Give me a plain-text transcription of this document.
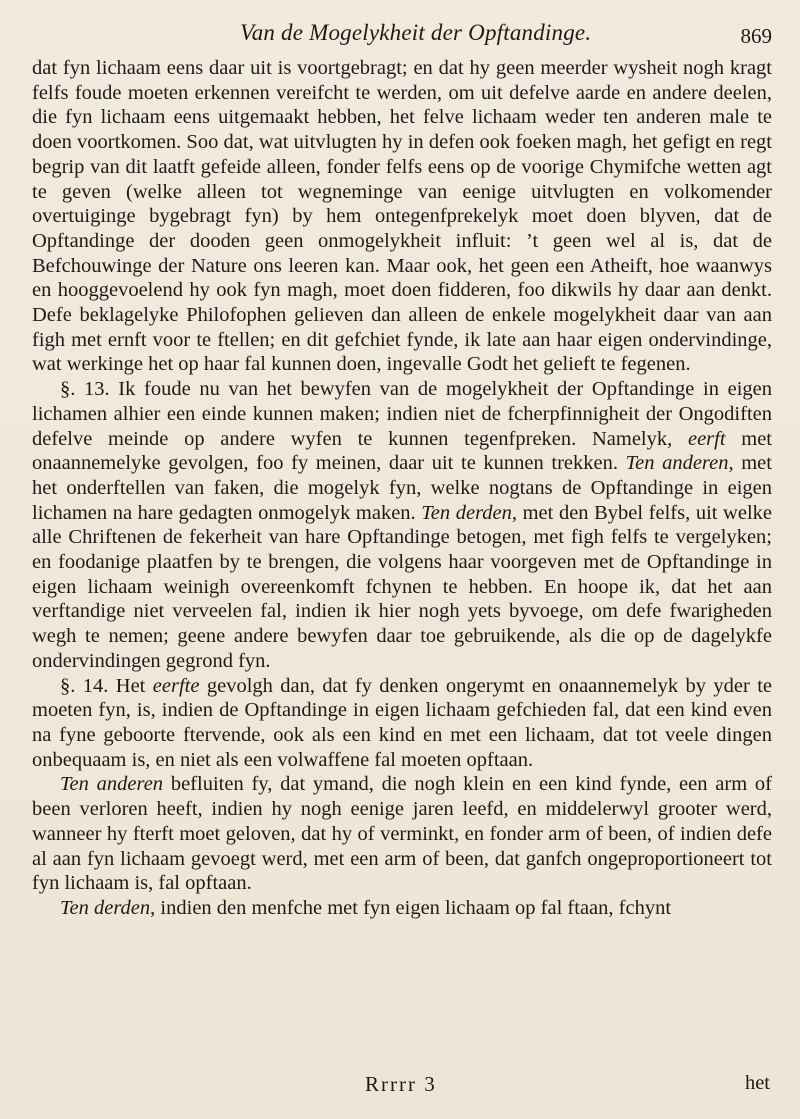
Van de Mogelykheit der Opftandinge.	869

dat fyn lichaam eens daar uit is voortgebragt; en dat hy geen meerder wysheit nogh kragt felfs foude moeten erkennen vereifcht te werden, om uit defelve aarde en andere deelen, die fyn lichaam eens uitgemaakt hebben, het felve lichaam weder ten anderen male te doen voortkomen. Soo dat, wat uitvlugten hy in defen ook foeken magh, het gefigt en regt begrip van dit laatft gefeide alleen, fonder felfs eens op de voorige Chymifche wetten agt te geven (welke alleen tot wegneminge van eenige uitvlugten en volkomender overtuiginge bygebragt fyn) by hem ontegenfprekelyk moet doen blyven, dat de Opftandinge der dooden geen onmogelykheit influit: ’t geen wel al is, dat de Befchouwinge der Nature ons leeren kan. Maar ook, het geen een Atheift, hoe waanwys en hooggevoelend hy ook fyn magh, moet doen fidderen, foo dikwils hy daar aan denkt. Defe beklagelyke Philofophen gelieven dan alleen de enkele mogelykheit daar van aan figh met ernft voor te ftellen; en dit gefchiet fynde, ik late aan haar eigen ondervindinge, wat werkinge het op haar fal kunnen doen, ingevalle Godt het gelieft te fegenen.

§. 13. Ik foude nu van het bewyfen van de mogelykheit der Opftandinge in eigen lichamen alhier een einde kunnen maken; indien niet de fcherpfinnigheit der Ongodiften defelve meinde op andere wyfen te kunnen tegenfpreken. Namelyk, eerft met onaannemelyke gevolgen, foo fy meinen, daar uit te kunnen trekken. Ten anderen, met het onderftellen van faken, die mogelyk fyn, welke nogtans de Opftandinge in eigen lichamen na hare gedagten onmogelyk maken. Ten derden, met den Bybel felfs, uit welke alle Chriftenen de fekerheit van hare Opftandinge betogen, met figh felfs te vergelyken; en foodanige plaatfen by te brengen, die volgens haar voorgeven met de Opftandinge in eigen lichaam weinigh overeenkomft fchynen te hebben. En hoope ik, dat het aan verftandige niet verveelen fal, indien ik hier nogh yets byvoege, om defe fwarigheden wegh te nemen; geene andere bewyfen daar toe gebruikende, als die op de dagelykfe ondervindingen gegrond fyn.

§. 14. Het eerfte gevolgh dan, dat fy denken ongerymt en onaannemelyk by yder te moeten fyn, is, indien de Opftandinge in eigen lichaam gefchieden fal, dat een kind even na fyne geboorte ftervende, ook als een kind en met een lichaam, dat tot veele dingen onbequaam is, en niet als een volwaffene fal moeten opftaan.

Ten anderen befluiten fy, dat ymand, die nogh klein en een kind fynde, een arm of been verloren heeft, indien hy nogh eenige jaren leefd, en middelerwyl grooter werd, wanneer hy fterft moet geloven, dat hy of verminkt, en fonder arm of been, of indien defe al aan fyn lichaam gevoegt werd, met een arm of been, dat ganfch ongeproportioneert tot fyn lichaam is, fal opftaan.

Ten derden, indien den menfche met fyn eigen lichaam op fal ftaan, fchynt

Rrrrr 3	het
